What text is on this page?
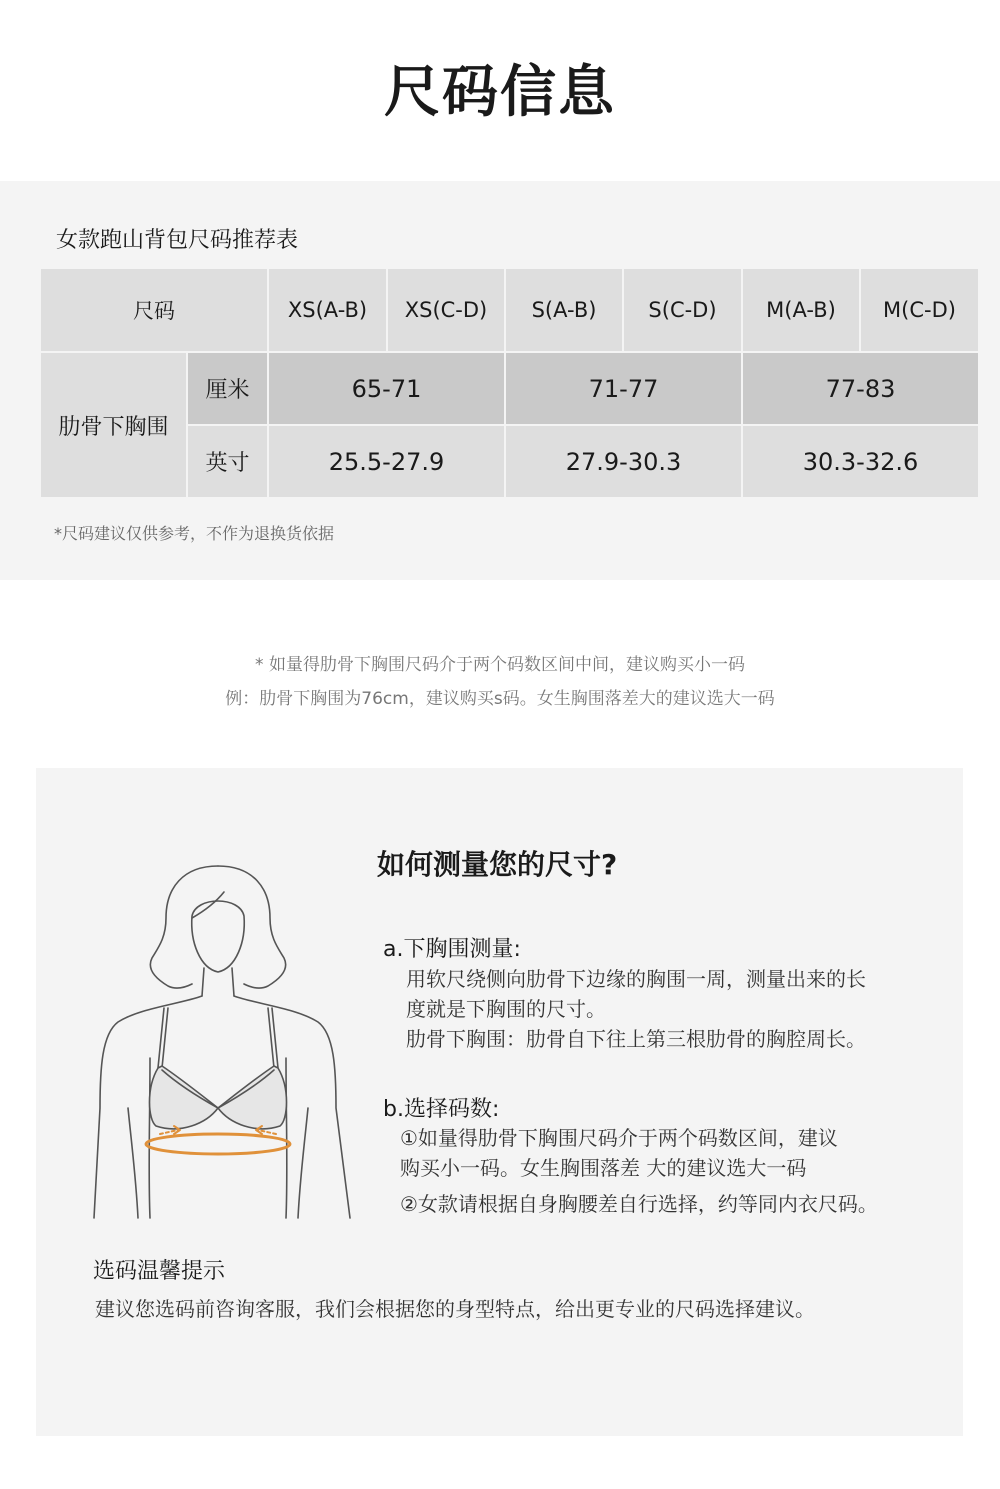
尺码信息
女款跑山背包尺码推荐表
尺码	XS(A-B)	XS(C-D)	S(A-B)	S(C-D)	M(A-B)	M(C-D)
肋骨下胸围
厘米	65-71	71-77	77-83
英寸	25.5-27.9	27.9-30.3	30.3-32.6
*尺码建议仅供参考，不作为退换货依据
* 如量得肋骨下胸围尺码介于两个码数区间中间，建议购买小一码
例：肋骨下胸围为76cm，建议购买s码。女生胸围落差大的建议选大一码
如何测量您的尺寸?
a.下胸围测量:
用软尺绕侧向肋骨下边缘的胸围一周，测量出来的长
度就是下胸围的尺寸。
肋骨下胸围：肋骨自下往上第三根肋骨的胸腔周长。
b.选择码数:
①如量得肋骨下胸围尺码介于两个码数区间，建议
购买小一码。女生胸围落差 大的建议选大一码
②女款请根据自身胸腰差自行选择，约等同内衣尺码。
选码温馨提示
建议您选码前咨询客服，我们会根据您的身型特点，给出更专业的尺码选择建议。
